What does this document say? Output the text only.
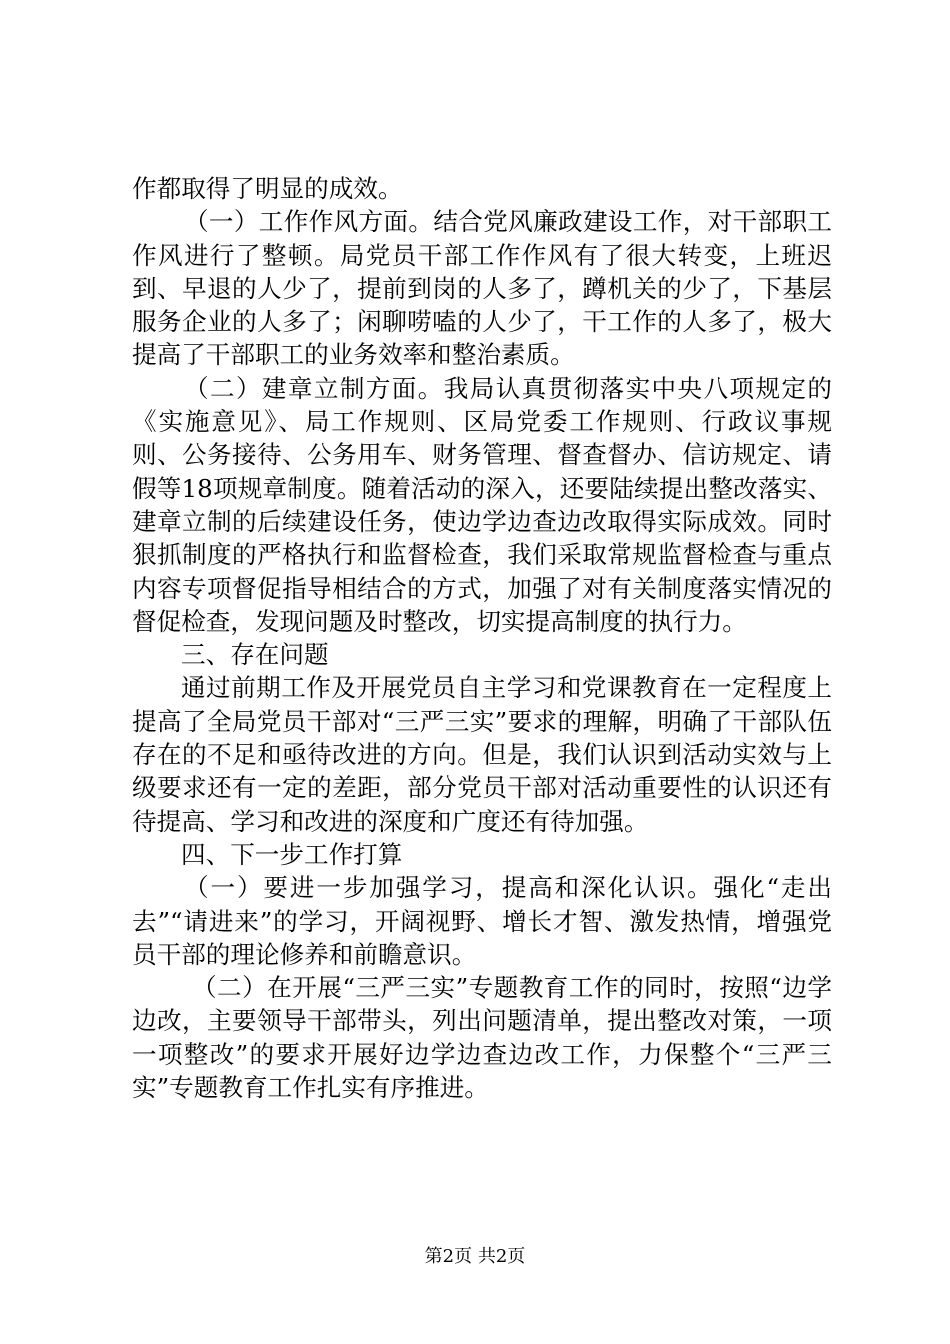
作都取得了明显的成效。

（一）工作作风方面。结合党风廉政建设工作，对干部职工作风进行了整顿。局党员干部工作作风有了很大转变，上班迟到、早退的人少了，提前到岗的人多了，蹲机关的少了，下基层服务企业的人多了；闲聊唠嗑的人少了，干工作的人多了，极大提高了干部职工的业务效率和整治素质。

（二）建章立制方面。我局认真贯彻落实中央八项规定的《实施意见》、局工作规则、区局党委工作规则、行政议事规则、公务接待、公务用车、财务管理、督查督办、信访规定、请假等18项规章制度。随着活动的深入，还要陆续提出整改落实、建章立制的后续建设任务，使边学边查边改取得实际成效。同时狠抓制度的严格执行和监督检查，我们采取常规监督检查与重点内容专项督促指导相结合的方式，加强了对有关制度落实情况的督促检查，发现问题及时整改，切实提高制度的执行力。

三、存在问题

通过前期工作及开展党员自主学习和党课教育在一定程度上提高了全局党员干部对“三严三实”要求的理解，明确了干部队伍存在的不足和亟待改进的方向。但是，我们认识到活动实效与上级要求还有一定的差距，部分党员干部对活动重要性的认识还有待提高、学习和改进的深度和广度还有待加强。

四、下一步工作打算

（一）要进一步加强学习，提高和深化认识。强化“走出去”“请进来”的学习，开阔视野、增长才智、激发热情，增强党员干部的理论修养和前瞻意识。

（二）在开展“三严三实”专题教育工作的同时，按照“边学边改，主要领导干部带头，列出问题清单，提出整改对策，一项一项整改”的要求开展好边学边查边改工作，力保整个“三严三实”专题教育工作扎实有序推进。

第2页 共2页
